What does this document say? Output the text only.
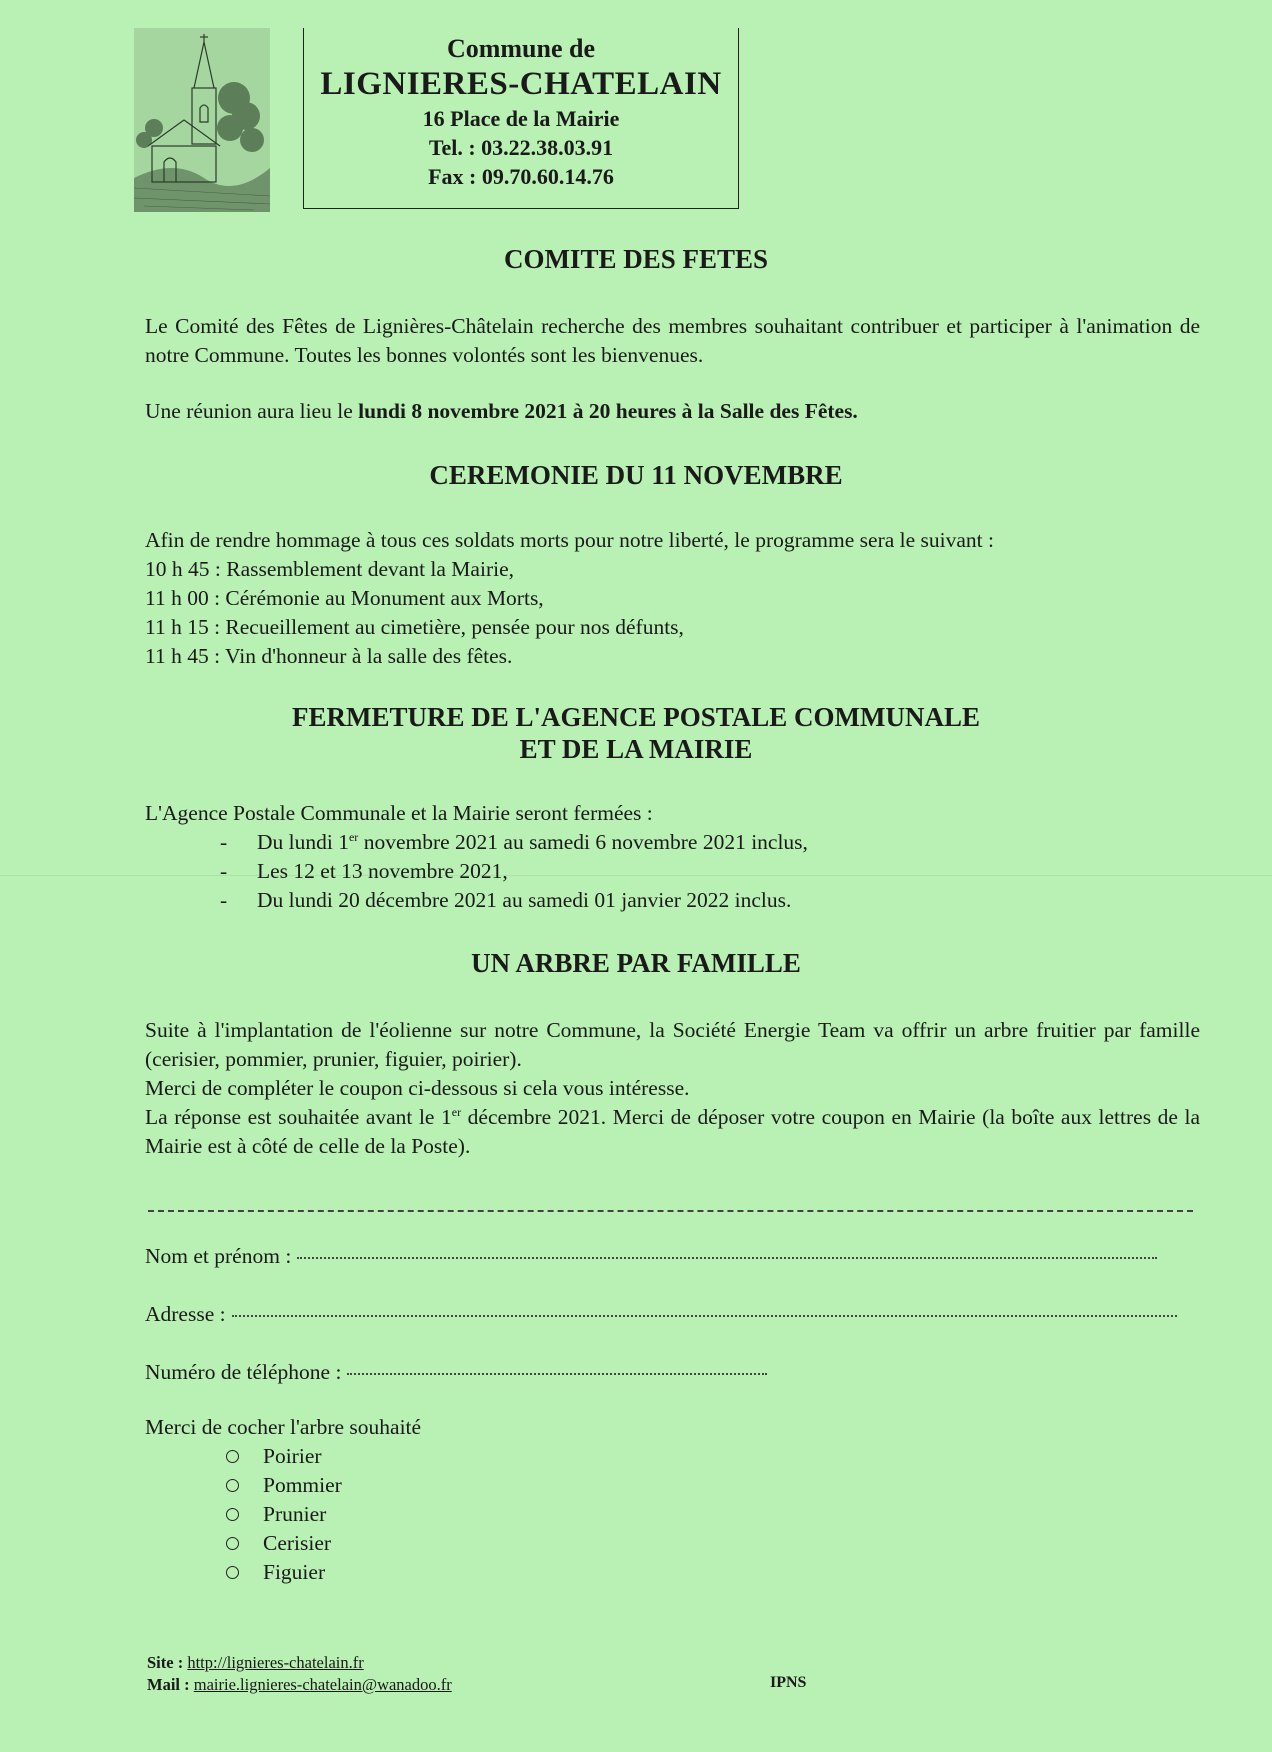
Commune de
LIGNIERES-CHATELAIN
16 Place de la Mairie
Tel. : 03.22.38.03.91
Fax : 09.70.60.14.76
COMITE DES FETES

Le Comité des Fêtes de Lignières-Châtelain recherche des membres souhaitant contribuer et participer à l'animation de notre Commune. Toutes les bonnes volontés sont les bienvenues.

Une réunion aura lieu le lundi 8 novembre 2021 à 20 heures à la Salle des Fêtes.

CEREMONIE DU 11 NOVEMBRE

Afin de rendre hommage à tous ces soldats morts pour notre liberté, le programme sera le suivant :

10 h 45 : Rassemblement devant la Mairie,
11 h 00 : Cérémonie au Monument aux Morts,
11 h 15 : Recueillement au cimetière, pensée pour nos défunts,
11 h 45 : Vin d'honneur à la salle des fêtes.
FERMETURE DE L'AGENCE POSTALE COMMUNALE
ET DE LA MAIRIE

L'Agence Postale Communale et la Mairie seront fermées :

-	Du lundi 1er novembre 2021 au samedi 6 novembre 2021 inclus,
-	Les 12 et 13 novembre 2021,
-	Du lundi 20 décembre 2021 au samedi 01 janvier 2022 inclus.
UN ARBRE PAR FAMILLE

Suite à l'implantation de l'éolienne sur notre Commune, la Société Energie Team va offrir un arbre fruitier par famille (cerisier, pommier, prunier, figuier, poirier).

Merci de compléter le coupon ci-dessous si cela vous intéresse.

La réponse est souhaitée avant le 1er décembre 2021. Merci de déposer votre coupon en Mairie (la boîte aux lettres de la Mairie est à côté de celle de la Poste).

Nom et prénom :
Adresse :
Numéro de téléphone :

Merci de cocher l'arbre souhaité

Poirier
Pommier
Prunier
Cerisier
Figuier
Site : http://lignieres-chatelain.fr
Mail : mairie.lignieres-chatelain@wanadoo.fr	IPNS
